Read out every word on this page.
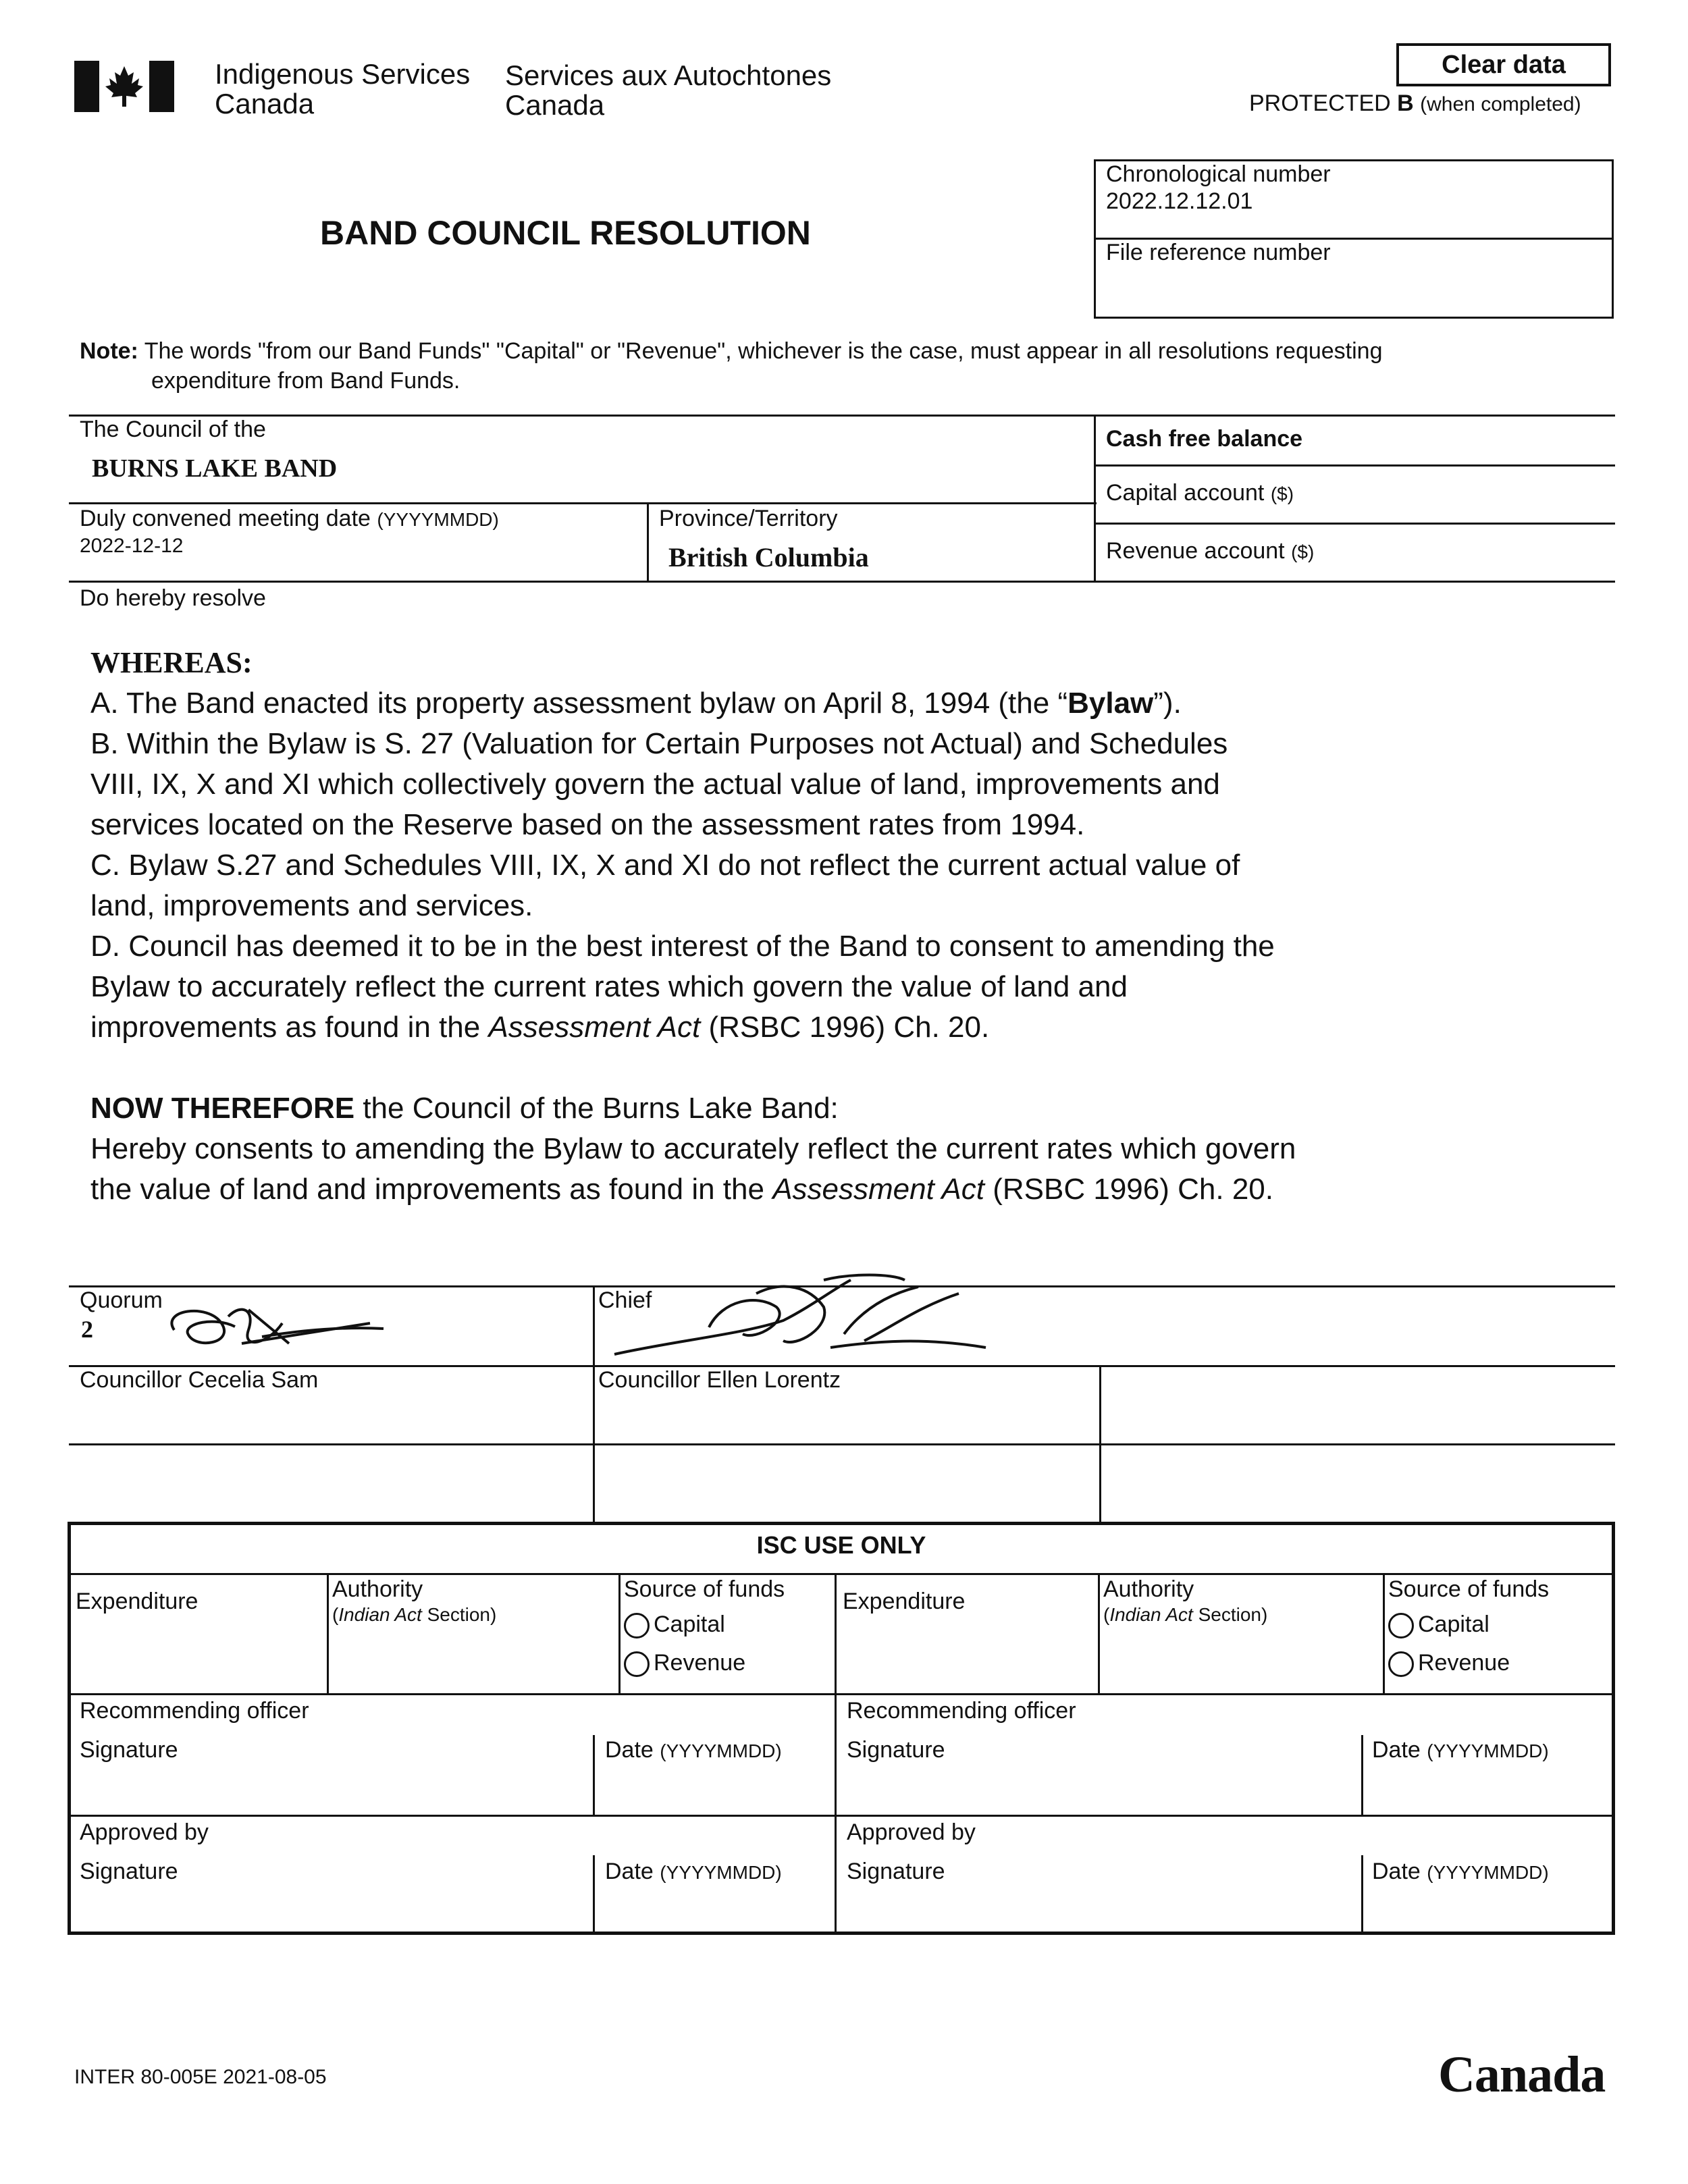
Indigenous Services
Canada
Services aux Autochtones
Canada
Clear data
PROTECTED B (when completed)
BAND COUNCIL RESOLUTION
Chronological number
2022.12.12.01
File reference number
Note: The words "from our Band Funds" "Capital" or "Revenue", whichever is the case, must appear in all resolutions requesting
expenditure from Band Funds.
The Council of the
BURNS LAKE BAND
Cash free balance
Capital account ($)
Revenue account ($)
Duly convened meeting date (YYYYMMDD)
2022-12-12
Province/Territory
British Columbia
Do hereby resolve
WHEREAS:
A. The Band enacted its property assessment bylaw on April 8, 1994 (the “Bylaw”).
B. Within the Bylaw is S. 27 (Valuation for Certain Purposes not Actual) and Schedules
VIII, IX, X and XI which collectively govern the actual value of land, improvements and
services located on the Reserve based on the assessment rates from 1994.
C. Bylaw S.27 and Schedules VIII, IX, X and XI do not reflect the current actual value of
land, improvements and services.
D. Council has deemed it to be in the best interest of the Band to consent to amending the
Bylaw to accurately reflect the current rates which govern the value of land and
improvements as found in the Assessment Act (RSBC 1996) Ch. 20.
NOW THEREFORE the Council of the Burns Lake Band:
Hereby consents to amending the Bylaw to accurately reflect the current rates which govern
the value of land and improvements as found in the Assessment Act (RSBC 1996) Ch. 20.
Quorum
2
Chief
Councillor Cecelia Sam	Councillor Ellen Lorentz
ISC USE ONLY
Expenditure	Authority
(Indian Act Section)
Source of funds
Capital
Revenue
Expenditure	Authority
(Indian Act Section)
Source of funds
Capital
Revenue
Recommending officer
Signature	Date (YYYYMMDD)
Recommending officer
Signature	Date (YYYYMMDD)
Approved by
Signature	Date (YYYYMMDD)
Approved by
Signature	Date (YYYYMMDD)
INTER 80-005E 2021-08-05	Canada
